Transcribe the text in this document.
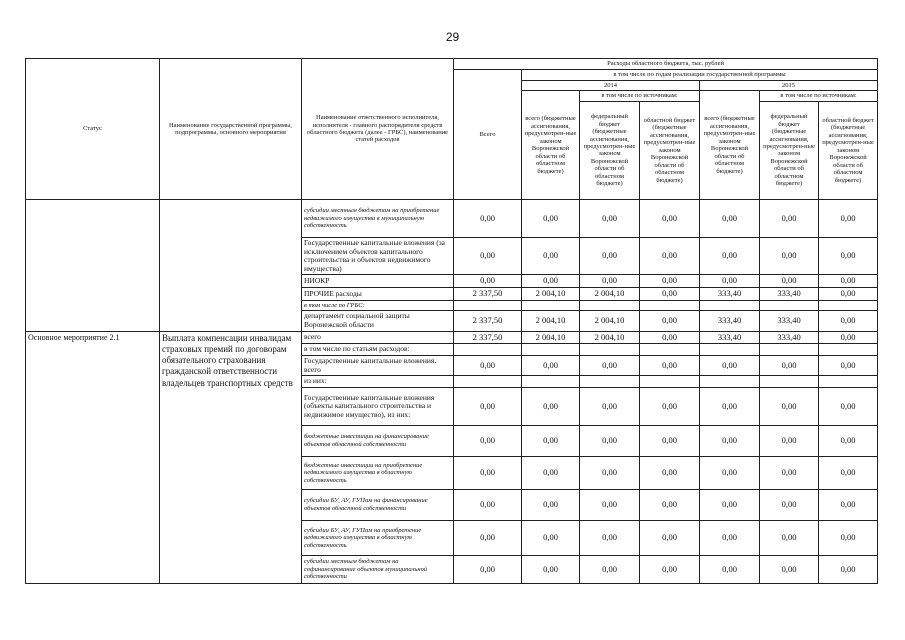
29
Статус	Наименование государственной программы, подпрограммы, основного мероприятия	Наименование ответственного исполнителя, исполнителя - главного распорядителя средств областного бюджета (далее - ГРБС), наименование статей расходов	Расходы областного бюджета, тыс. рублей						
			Всего	в том числе по годам реализации государственной программы					
				2014			2015		
				всего (бюджетные ассигнования, предусмотрен-ные законом Воронежской области об областном бюджете)	в том числе по источникам:		всего (бюджетные ассигнования, предусмотрен-ные законом Воронежской области об областном бюджете)	в том числе по источникам:	
					федеральный бюджет (бюджетные ассигнования, предусмотрен-ные законом Воронежской области об областном бюджете)	областной бюджет (бюджетные ассигнования, предусмотрен-ные законом Воронежской области об областном бюджете)		федеральный бюджет (бюджетные ассигнования, предусмотрен-ные законом Воронежской области об областном бюджете)	областной бюджет (бюджетные ассигнования, предусмотрен-ные законом Воронежской области об областном бюджете)
		субсидии местным бюджетам на приобретение недвижимого имущества в муниципальную собственность	0,00	0,00	0,00	0,00	0,00	0,00	0,00
		Государственные капитальные вложения (за исключением объектов капитального строительства и объектов недвижимого имущества)	0,00	0,00	0,00	0,00	0,00	0,00	0,00
		НИОКР	0,00	0,00	0,00	0,00	0,00	0,00	0,00
		ПРОЧИЕ расходы	2 337,50	2 004,10	2 004,10	0,00	333,40	333,40	0,00
		в том числе по ГРБС:							
		департамент социальной защиты Воронежской области	2 337,50	2 004,10	2 004,10	0,00	333,40	333,40	0,00
Основное мероприятие 2.1	Выплата компенсации инвалидам страховых премий по договорам обязательного страхования гражданской ответственности владельцев транспортных средств	всего	2 337,50	2 004,10	2 004,10	0,00	333,40	333,40	0,00
		в том числе по статьям расходов:							
		Государственные капитальные вложения, всего	0,00	0,00	0,00	0,00	0,00	0,00	0,00
		из них:							
		Государственные капитальные вложения (объекты капитального строительства и недвижимое имущество), из них:	0,00	0,00	0,00	0,00	0,00	0,00	0,00
		бюджетные инвестиции на финансирование объектов областной собственности	0,00	0,00	0,00	0,00	0,00	0,00	0,00
		бюджетные инвестиции на приобретение недвижимого имущества в областную собственность	0,00	0,00	0,00	0,00	0,00	0,00	0,00
		субсидии БУ, АУ, ГУПам на финансирование объектов областной собственности	0,00	0,00	0,00	0,00	0,00	0,00	0,00
		субсидии БУ, АУ, ГУПам на приобретение недвижимого имущества в областную собственность	0,00	0,00	0,00	0,00	0,00	0,00	0,00
		субсидии местным бюджетам на софинансирование объектов муниципальной собственности	0,00	0,00	0,00	0,00	0,00	0,00	0,00
